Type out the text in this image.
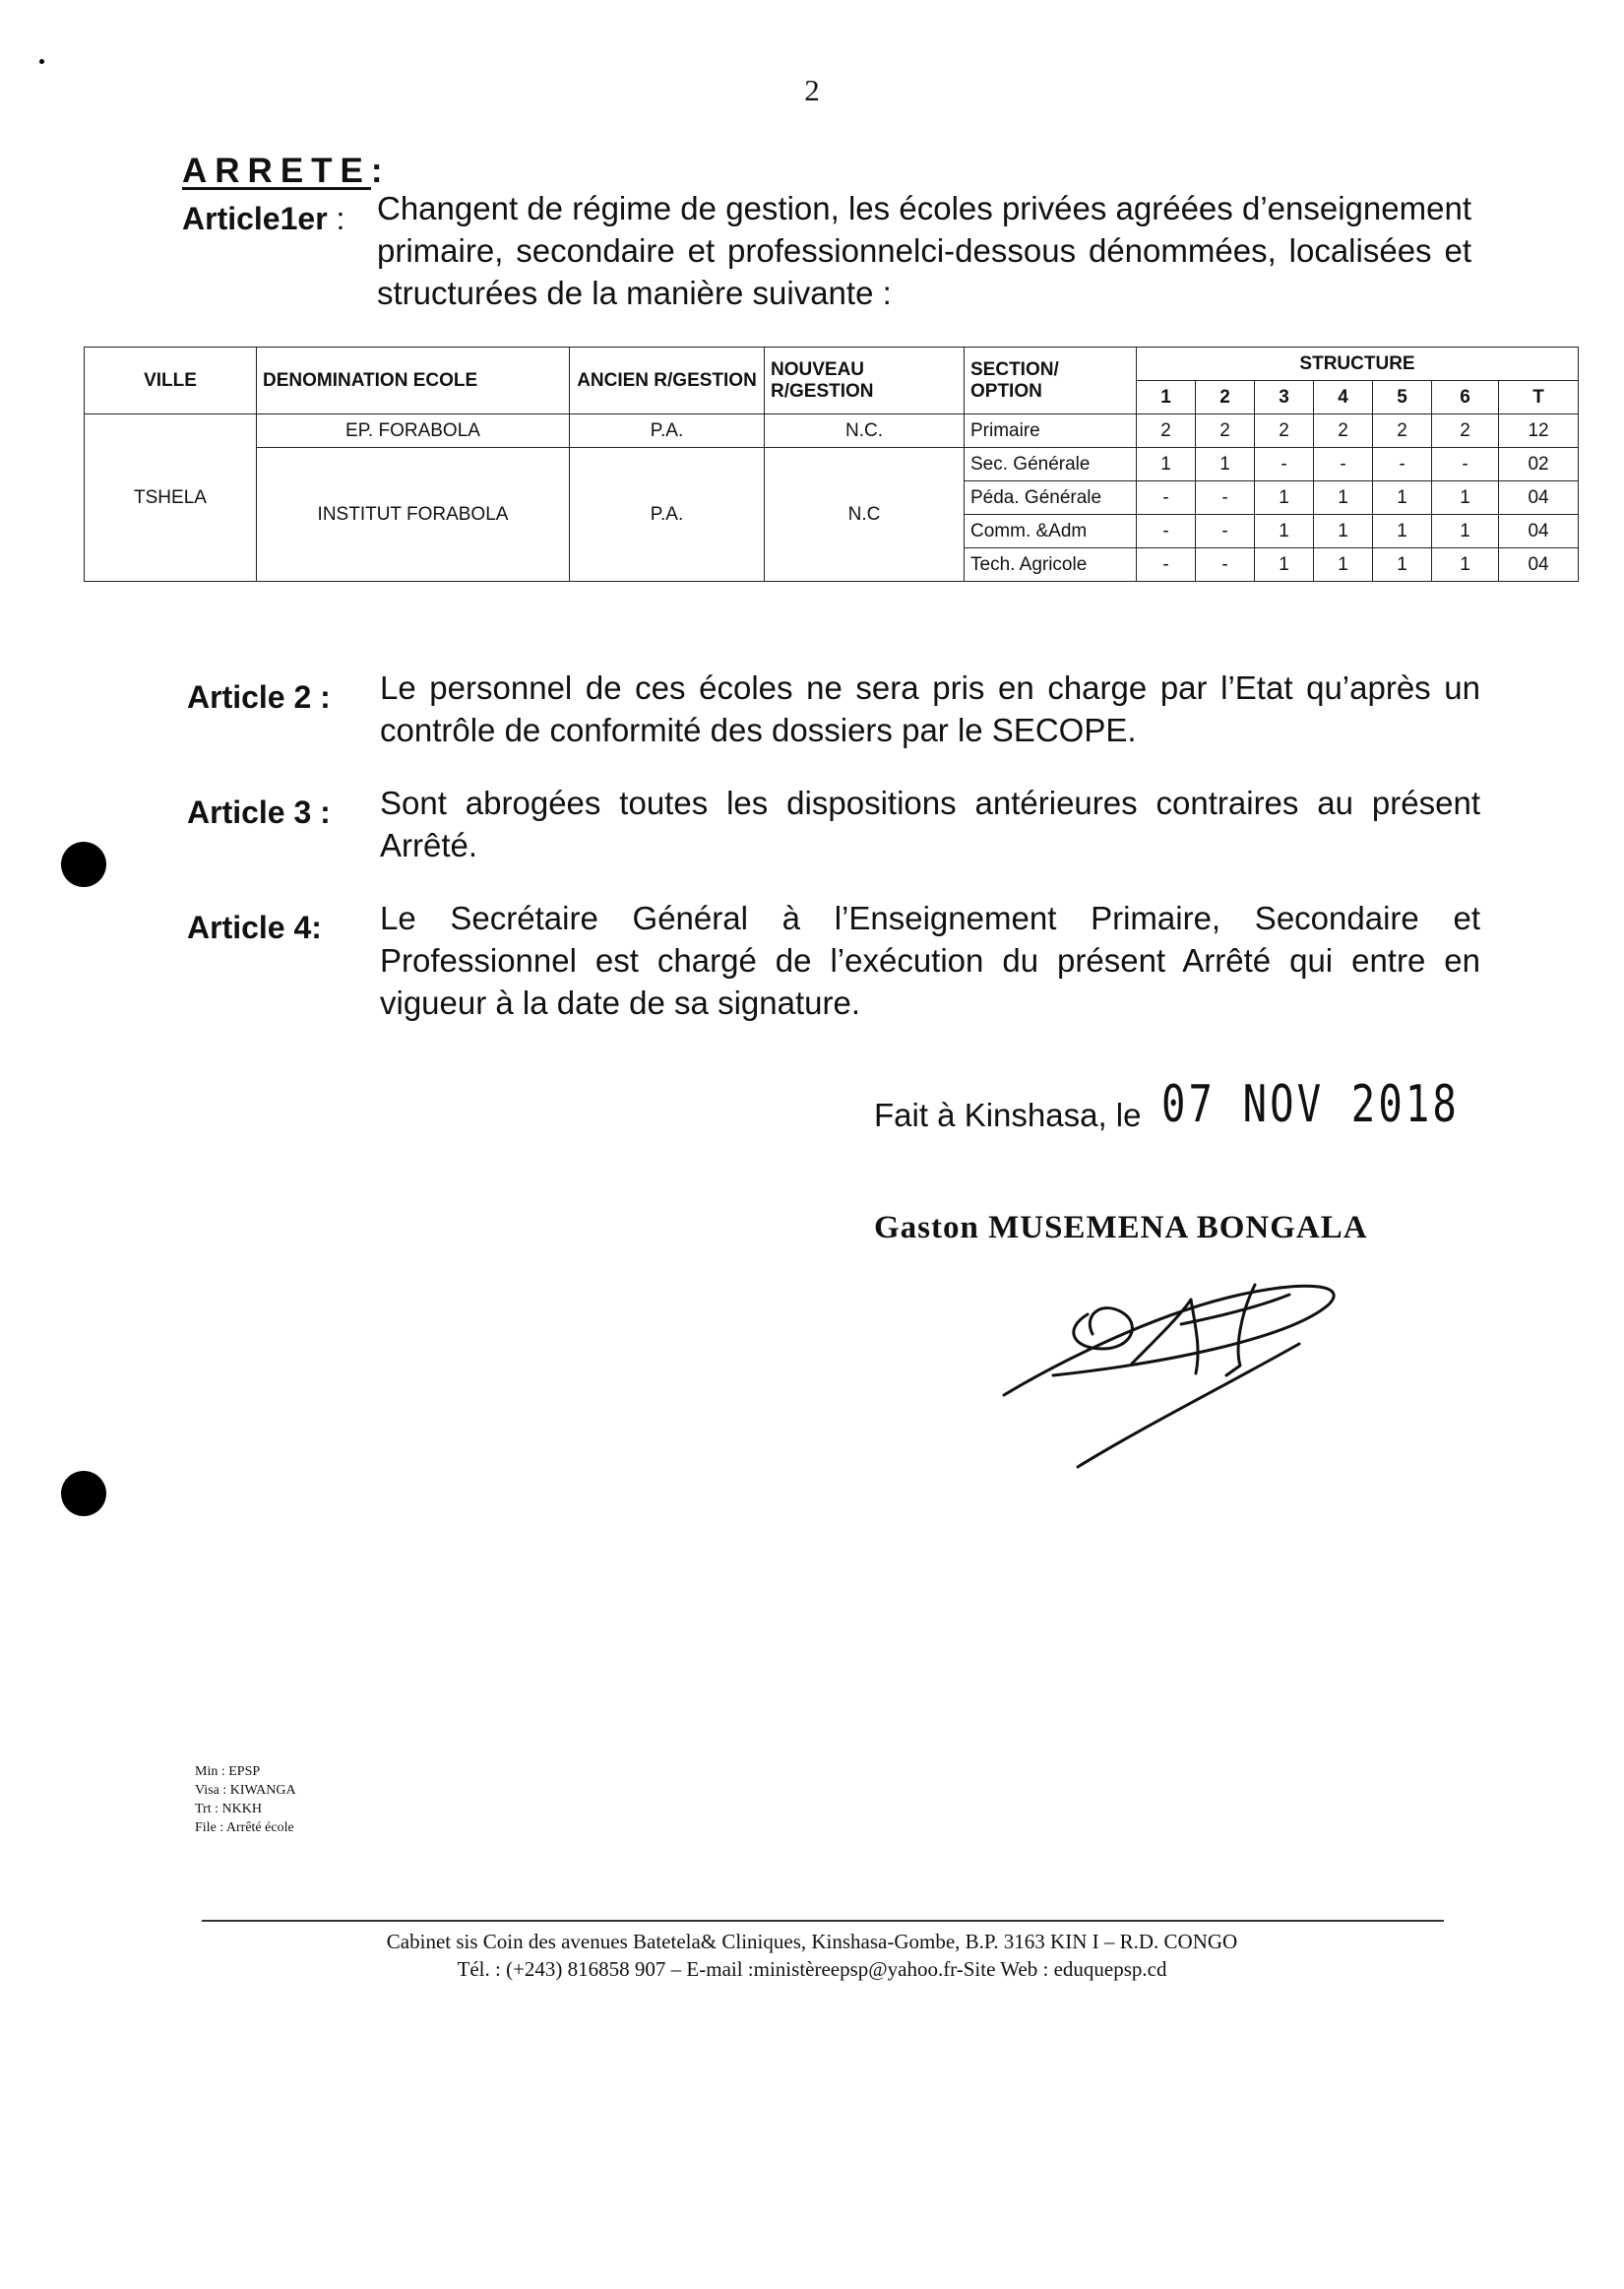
2
ARRETE:
Article1er : Changent de régime de gestion, les écoles privées agréées d’enseignement primaire, secondaire et professionnelci-dessous dénommées, localisées et structurées de la manière suivante :
VILLE	DENOMINATION ECOLE	ANCIEN R/GESTION	NOUVEAU R/GESTION	SECTION/ OPTION	STRUCTURE						
					1	2	3	4	5	6	T
TSHELA	EP. FORABOLA	P.A.	N.C.	Primaire	2	2	2	2	2	2	12
	INSTITUT FORABOLA	P.A.	N.C	Sec. Générale	1	1	-	-	-	-	02
				Péda. Générale	-	-	1	1	1	1	04
				Comm. &Adm	-	-	1	1	1	1	04
				Tech. Agricole	-	-	1	1	1	1	04
Article 2 : Le personnel de ces écoles ne sera pris en charge par l’Etat qu’après un contrôle de conformité des dossiers par le SECOPE.
Article 3 : Sont abrogées toutes les dispositions antérieures contraires au présent Arrêté.
Article 4: Le Secrétaire Général à l’Enseignement Primaire, Secondaire et Professionnel est chargé de l’exécution du présent Arrêté qui entre en vigueur à la date de sa signature.
Fait à Kinshasa, le 07 NOV 2018
Gaston MUSEMENA BONGALA
Min : EPSP
Visa : KIWANGA
Trt : NKKH
File : Arrêté école
Cabinet sis Coin des avenues Batetela& Cliniques, Kinshasa-Gombe, B.P. 3163 KIN I – R.D. CONGO
Tél. : (+243) 816858 907 – E-mail :ministèreepsp@yahoo.fr-Site Web : eduquepsp.cd
